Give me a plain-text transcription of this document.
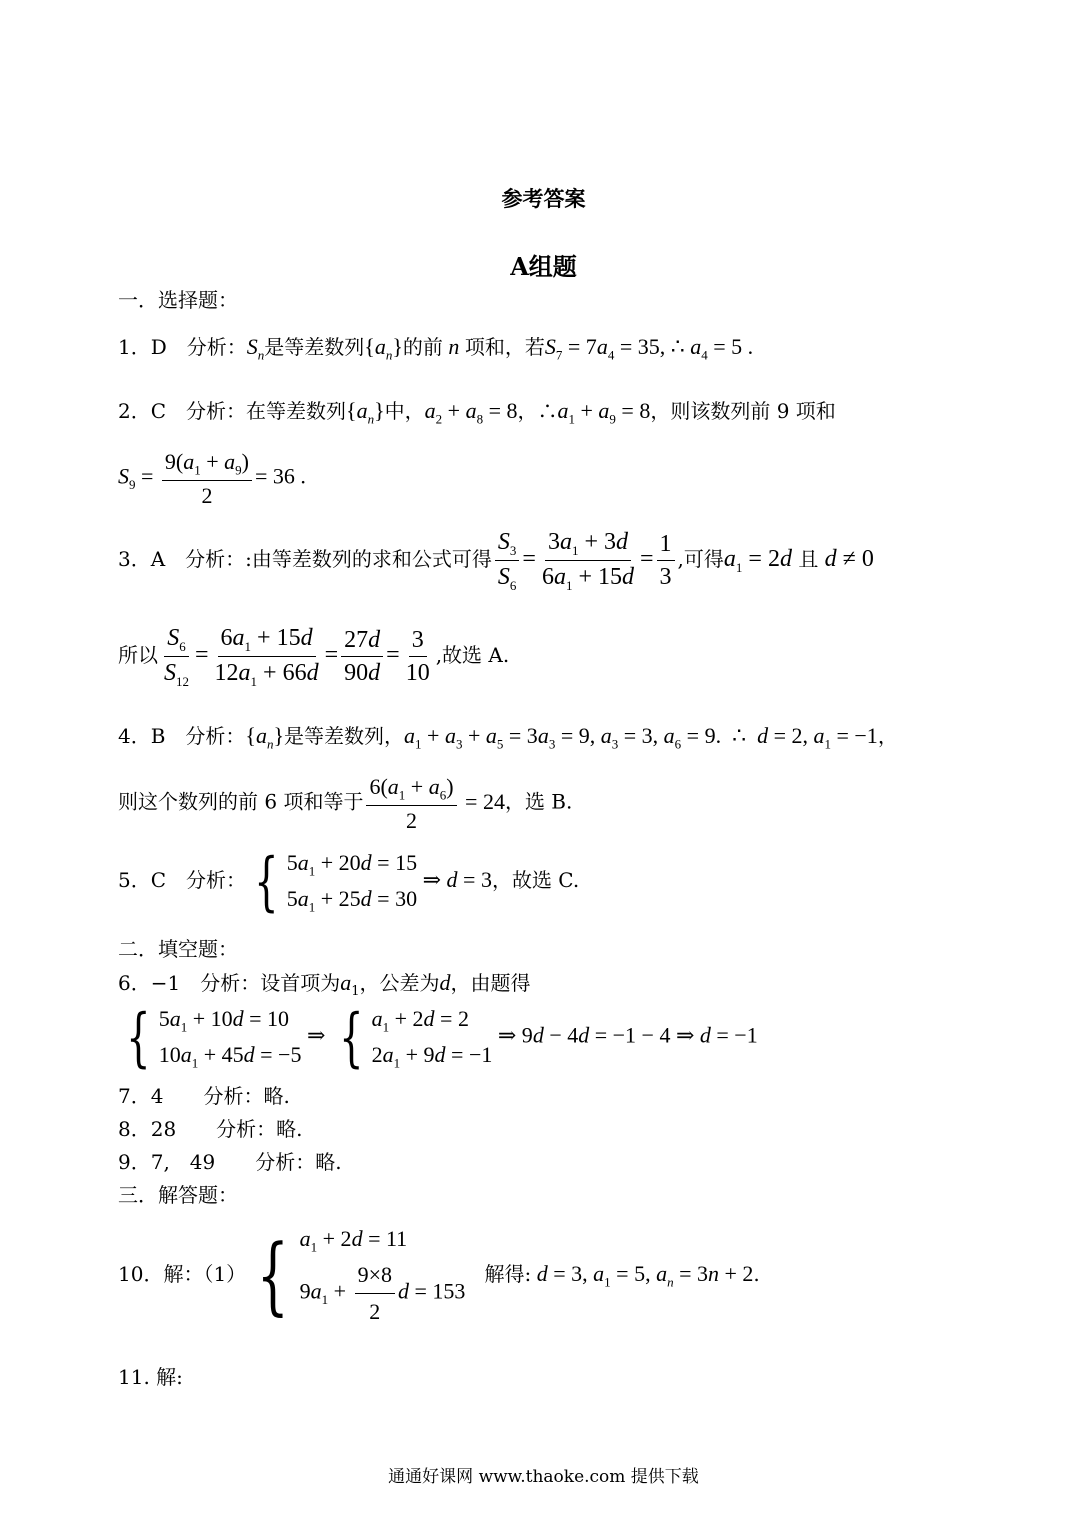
参考答案
A组题
一．选择题：
1．D　分析：$S_n$是等差数列$\{a_n\}$的前 n 项和，若$S_7 = 7a_4 = 35$, ∴ $a_4 = 5$ .
2．C　分析：在等差数列$\{a_n\}$中，$a_2 + a_8 = 8$，$\therefore a_1 + a_9 = 8$，则该数列前 9 项和
$S_9 = \frac{9(a_1 + a_9)}{2} = 36$ .
3．A　分析：:由等差数列的求和公式可得 $\frac{S_3}{S_6} = \frac{3a_1 + 3d}{6a_1 + 15d} = \frac{1}{3}$ ,可得$a_1 = 2d$ 且 d ≠ 0
所以 $\frac{S_6}{S_{12}} = \frac{6a_1 + 15d}{12a_1 + 66d} = \frac{27d}{90d} = \frac{3}{10}$ ,故选 A.
4．B　分析：$\{a_n\}$是等差数列，$a_1 + a_3 + a_5 = 3a_3 = 9$, $a_3 = 3$, $a_6 = 9$.  ∴  d = 2, $a_1 = -1$，
则这个数列的前 6 项和等于 $\frac{6(a_1 + a_6)}{2} = 24$，选 B.
5．C　分析： { $5a_1 + 20d = 15$
$5a_1 + 25d = 30$
⇒ d = 3，故选 C.
二．填空题：
6．−1　分析：设首项为$a_1$，公差为d，由题得
{ $5a_1 + 10d = 10$
$10a_1 + 45d = -5$
⇒ { $a_1 + 2d = 2$
$2a_1 + 9d = -1$
⇒ 9d − 4d = −1 − 4 ⇒ d = −1
7．4　　分析：略.
8．28　　分析：略.
9．7,　49　　分析：略.
三．解答题：
10．解：（1） { $a_1 + 2d = 11$
$9a_1 + \frac{9\times 8}{2}$ d = 153
解得: d = 3, $a_1 = 5$, $a_n = 3n + 2$.
11. 解:
通通好课网 www.thaoke.com 提供下载
